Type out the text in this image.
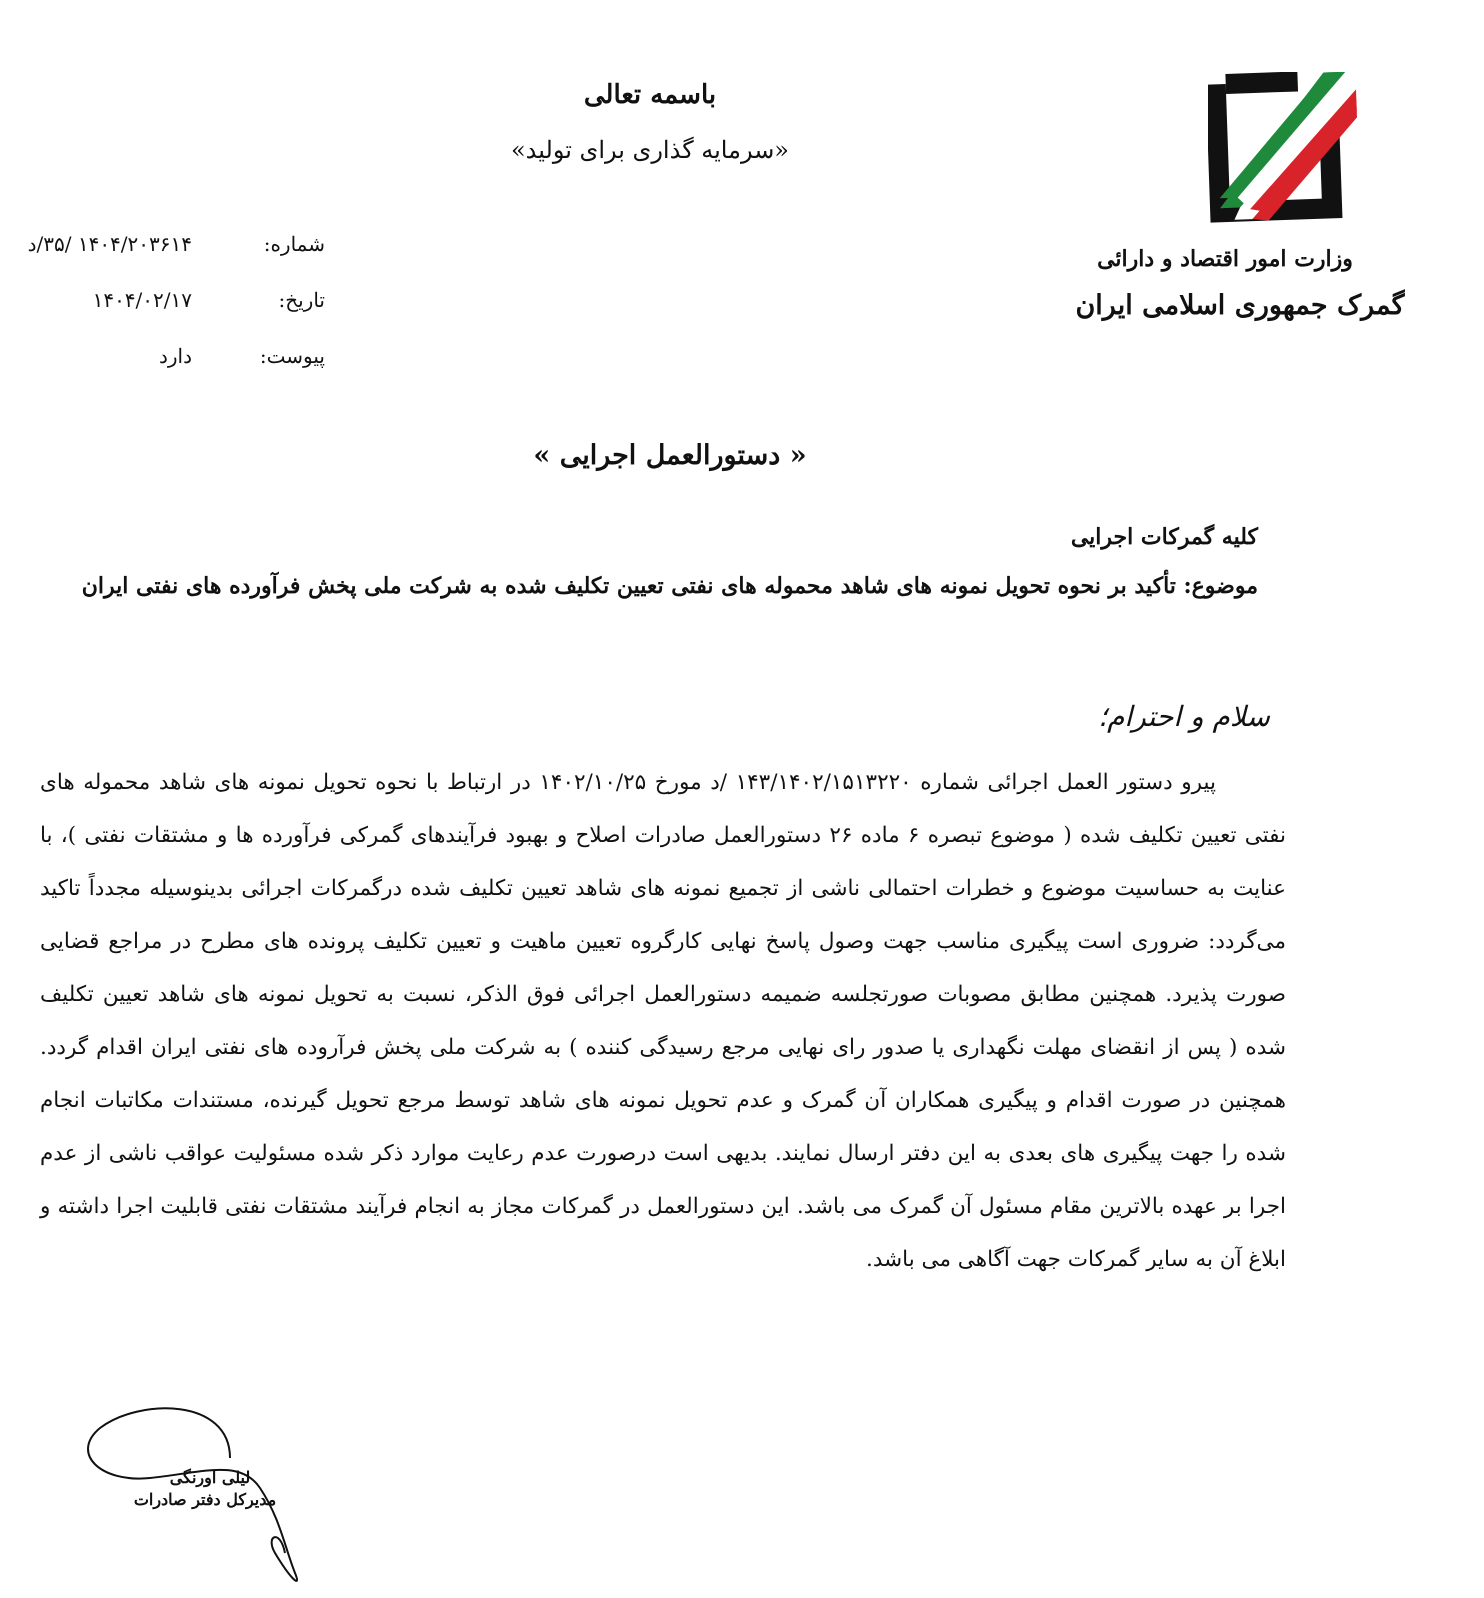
باسمه تعالی
«سرمایه گذاری برای تولید»
وزارت امور اقتصاد و دارائی
گمرک جمهوری اسلامی ایران
شماره:
۱۴۰۴/۲۰۳۶۱۴ /۳۵/د
تاریخ:
۱۴۰۴/۰۲/۱۷
پیوست:
دارد
« دستورالعمل اجرایی »
کلیه گمرکات اجرایی
موضوع: تأکید بر نحوه تحویل نمونه های شاهد محموله های نفتی تعیین تکلیف شده به شرکت ملی پخش فرآورده های نفتی ایران
سلام و احترام؛
پیرو دستور العمل اجرائی شماره ۱۴۳/۱۴۰۲/۱۵۱۳۲۲۰ /د مورخ ۱۴۰۲/۱۰/۲۵ در ارتباط با نحوه تحویل نمونه های شاهد محموله های نفتی تعیین تکلیف شده ( موضوع تبصره ۶ ماده ۲۶ دستورالعمل صادرات اصلاح و بهبود فرآیندهای گمرکی فرآورده ها و مشتقات نفتی )، با عنایت به حساسیت موضوع و خطرات احتمالی ناشی از تجمیع نمونه های شاهد تعیین تکلیف شده درگمرکات اجرائی بدینوسیله مجدداً تاکید می‌گردد: ضروری است پیگیری مناسب جهت وصول پاسخ نهایی کارگروه تعیین ماهیت و تعیین تکلیف پرونده های مطرح در مراجع قضایی صورت پذیرد. همچنین مطابق مصوبات صورتجلسه ضمیمه دستورالعمل اجرائی فوق الذکر، نسبت به تحویل نمونه های شاهد تعیین تکلیف شده ( پس از انقضای مهلت نگهداری یا صدور رای نهایی مرجع رسیدگی کننده ) به شرکت ملی پخش فرآروده های نفتی ایران اقدام گردد. همچنین در صورت اقدام و پیگیری همکاران آن گمرک و عدم تحویل نمونه های شاهد توسط مرجع تحویل گیرنده، مستندات مکاتبات انجام شده را جهت پیگیری های بعدی به این دفتر ارسال نمایند. بدیهی است درصورت عدم رعایت موارد ذکر شده مسئولیت عواقب ناشی از عدم اجرا بر عهده بالاترین مقام مسئول آن گمرک می باشد. این دستورالعمل در گمرکات مجاز به انجام فرآیند مشتقات نفتی قابلیت اجرا داشته و ابلاغ آن به سایر گمرکات جهت آگاهی می باشد.
لیلی اورنگی
مدیرکل دفتر صادرات
